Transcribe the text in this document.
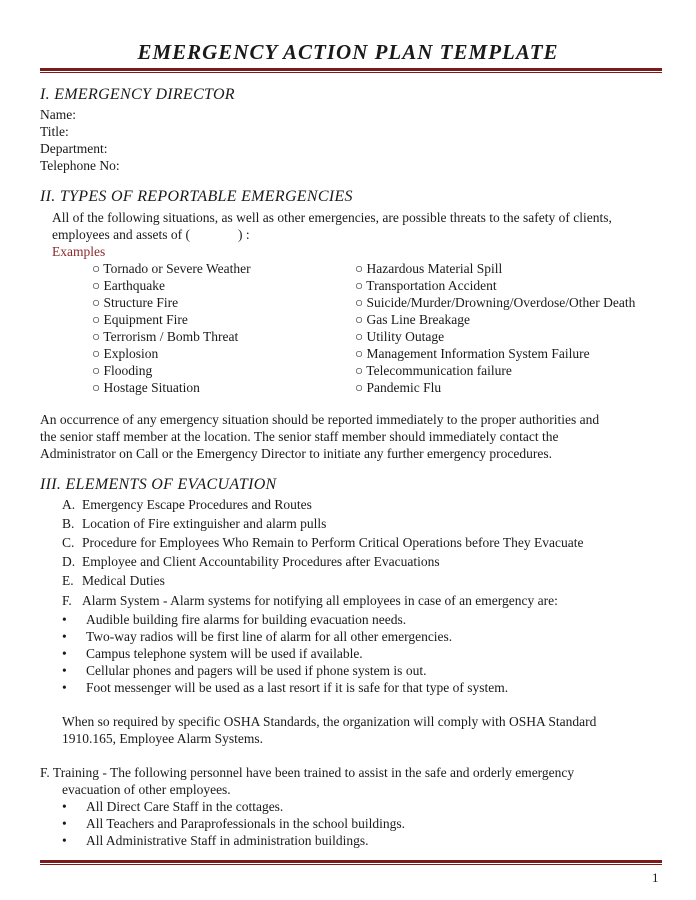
EMERGENCY ACTION PLAN TEMPLATE
I. EMERGENCY DIRECTOR
Name:
Title:
Department:
Telephone No:
II. TYPES OF REPORTABLE EMERGENCIES
All of the following situations, as well as other emergencies, are possible threats to the safety of clients,
employees and assets of (	) :
Examples
○ Tornado or Severe Weather
○ Earthquake
○ Structure Fire
○ Equipment Fire
○ Terrorism / Bomb Threat
○ Explosion
○ Flooding
○ Hostage Situation
○ Hazardous Material Spill
○ Transportation Accident
○ Suicide/Murder/Drowning/Overdose/Other Death
○ Gas Line Breakage
○ Utility Outage
○ Management Information System Failure
○ Telecommunication failure
○ Pandemic Flu
An occurrence of any emergency situation should be reported immediately to the proper authorities and
the senior staff member at the location. The senior staff member should immediately contact the
Administrator on Call or the Emergency Director to initiate any further emergency procedures.
III. ELEMENTS OF EVACUATION
A. Emergency Escape Procedures and Routes
B. Location of Fire extinguisher and alarm pulls
C. Procedure for Employees Who Remain to Perform Critical Operations before They Evacuate
D. Employee and Client Accountability Procedures after Evacuations
E. Medical Duties
F. Alarm System - Alarm systems for notifying all employees in case of an emergency are:
• Audible building fire alarms for building evacuation needs.
• Two-way radios will be first line of alarm for all other emergencies.
• Campus telephone system will be used if available.
• Cellular phones and pagers will be used if phone system is out.
• Foot messenger will be used as a last resort if it is safe for that type of system.
When so required by specific OSHA Standards, the organization will comply with OSHA Standard
1910.165, Employee Alarm Systems.
F. Training - The following personnel have been trained to assist in the safe and orderly emergency
evacuation of other employees.
• All Direct Care Staff in the cottages.
• All Teachers and Paraprofessionals in the school buildings.
• All Administrative Staff in administration buildings.
1
